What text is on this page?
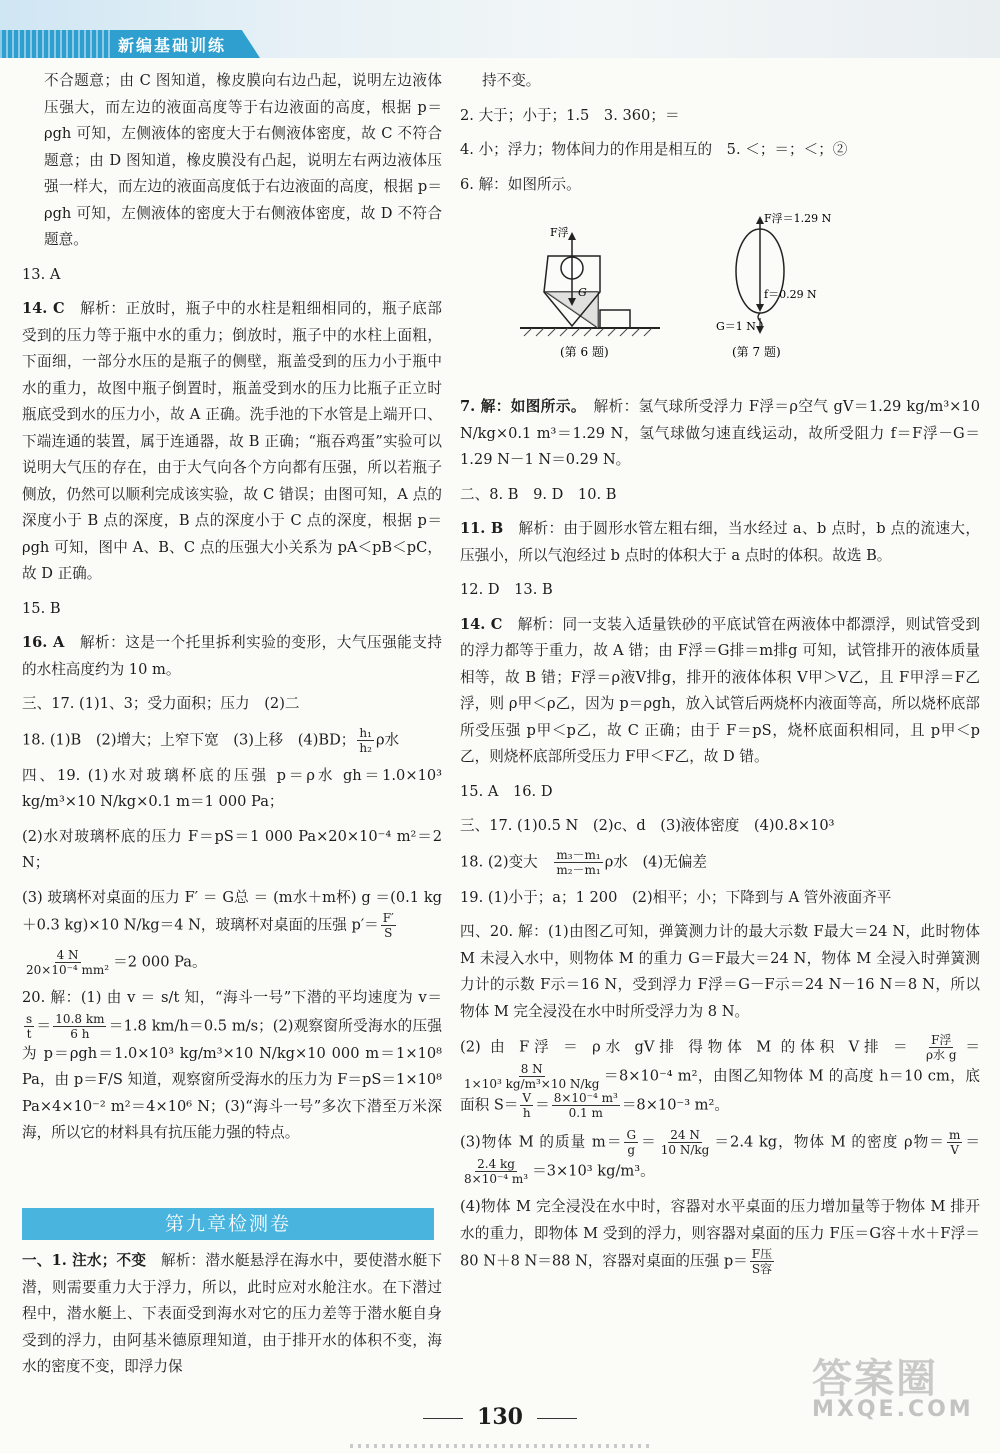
新编基础训练

不合题意；由 C 图知道，橡皮膜向右边凸起，说明左边液体压强大，而左边的液面高度等于右边液面的高度，根据 p＝ρgh 可知，左侧液体的密度大于右侧液体密度，故 C 不符合题意；由 D 图知道，橡皮膜没有凸起，说明左右两边液体压强一样大，而左边的液面高度低于右边液面的高度，根据 p＝ρgh 可知，左侧液体的密度大于右侧液体密度，故 D 不符合题意。

13. A

14. C　 解析：正放时，瓶子中的水柱是粗细相同的，瓶子底部受到的压力等于瓶中水的重力；倒放时，瓶子中的水柱上面粗，下面细，一部分水压的是瓶子的侧壁，瓶盖受到的压力小于瓶中水的重力，故图中瓶子倒置时，瓶盖受到水的压力比瓶子正立时瓶底受到水的压力小，故 A 正确。洗手池的下水管是上端开口、下端连通的装置，属于连通器，故 B 正确；“瓶吞鸡蛋”实验可以说明大气压的存在，由于大气向各个方向都有压强，所以若瓶子侧放，仍然可以顺利完成该实验，故 C 错误；由图可知，A 点的深度小于 B 点的深度，B 点的深度小于 C 点的深度，根据 p＝ρgh 可知，图中 A、B、C 点的压强大小关系为 pA＜pB＜pC，故 D 正确。

15. B

16. A　 解析：这是一个托里拆利实验的变形，大气压强能支持的水柱高度约为 10 m。

三、17. (1)1、3；受力面积；压力　(2)二

18. (1)B　(2)增大；上窄下宽　(3)上移　(4)BD； $\frac{\text{h₁}}{\text{h₂}}$ ρ水

四、19. (1)水对玻璃杯底的压强 p＝ρ水 gh＝1.0×10³ kg/m³×10 N/kg×0.1 m＝1 000 Pa；

(2)水对玻璃杯底的压力 F＝pS＝1 000 Pa×20×10⁻⁴ m²＝2 N；

(3) 玻璃杯对桌面的压力 F′ ＝ G总 ＝ (m水＋m杯) g ＝(0.1 kg＋0.3 kg)×10 N/kg＝4 N，玻璃杯对桌面的压强 $p'= \frac{F'}{S}$

$\frac{4 N}{\text{20×10⁻⁴ mm²}} =2$ 000 Pa。

20. 解：(1) 由 v ＝ s/t 知，“海斗一号”下潜的平均速度为 v＝
$\frac{s}{t} = \frac{10.8 km}{6 h} =1.8$ km/h＝0.5 m/s；(2)观察窗所受海水的压强为 p＝ρgh＝1.0×10³ kg/m³×10 N/kg×10 000 m＝1×10⁸ Pa，由 p＝F/S 知道，观察窗所受海水的压力为 F＝pS＝1×10⁸ Pa×4×10⁻² m²＝4×10⁶ N；(3)“海斗一号”多次下潜至万米深海，所以它的材料具有抗压能力强的特点。

第九章检测卷

一、1. 注水；不变　 解析：潜水艇悬浮在海水中，要使潜水艇下潜，则需要重力大于浮力，所以，此时应对水舱注水。在下潜过程中，潜水艇上、下表面受到海水对它的压力差等于潜水艇自身受到的浮力，由阿基米德原理知道，由于排开水的体积不变，海水的密度不变，即浮力保

持不变。

2. 大于；小于；1.5　3. 360；＝

4. 小；浮力；物体间力的作用是相互的　5. ＜；＝；＜；②

6. 解：如图所示。

F浮
G
(第 6 题)
F浮＝1.29 N
f＝0.29 N
G＝1 N
(第 7 题)

7. 解：如图所示。　 解析：氢气球所受浮力 F浮＝ρ空气 gV＝1.29 kg/m³×10 N/kg×0.1 m³＝1.29 N，氢气球做匀速直线运动，故所受阻力 f＝F浮－G＝1.29 N－1 N＝0.29 N。

二、8. B　9. D　10. B

11. B　 解析：由于圆形水管左粗右细，当水经过 a、b 点时，b 点的流速大，压强小，所以气泡经过 b 点时的体积大于 a 点时的体积。故选 B。

12. D　13. B

14. C　 解析：同一支装入适量铁砂的平底试管在两液体中都漂浮，则试管受到的浮力都等于重力，故 A 错；由 F浮＝G排＝m排g 可知，试管排开的液体质量相等，故 B 错；F浮＝ρ液V排g，排开的液体体积 V甲＞V乙，且 F甲浮＝F乙浮，则 ρ甲＜ρ乙，因为 p＝ρgh，放入试管后两烧杯内液面等高，所以烧杯底部所受压强 p甲＜p乙，故 C 正确；由于 F＝pS，烧杯底面积相同，且 p甲＜p乙，则烧杯底部所受压力 F甲＜F乙，故 D 错。

15. A　16. D

三、17. (1)0.5 N　(2)c、d　(3)液体密度　(4)0.8×10³

18. (2)变大　 $\frac{\text{m₃－m₁}}{\text{m₂－m₁}}$ ρ水　(4)无偏差

19. (1)小于；a；1 200　(2)相平；小；下降到与 A 管外液面齐平

四、20. 解：(1)由图乙可知，弹簧测力计的最大示数 F最大＝24 N，此时物体 M 未浸入水中，则物体 M 的重力 G＝F最大＝24 N，物体 M 全浸入时弹簧测力计的示数 F示＝16 N，受到浮力 F浮＝G－F示＝24 N－16 N＝8 N，所以物体 M 完全浸没在水中时所受浮力为 8 N。

(2) 由 F浮 ＝ ρ水 gV排 得物体 M 的体积 V排 ＝ $\frac{\text{F浮}}{\text{ρ水 g}}$ ＝
$\frac{8 N}{\text{1×10³ kg/m³×10 N/kg}} =8\times 10^{-4}$ m²，由图乙知物体 M 的高度 h＝10 cm，底面积 $S= \frac{V}{h} = \frac{\text{8×10⁻⁴ m³}}{0.1 m} =8\times 10^{-3}$ m²。

(3)物体 M 的质量 $m= \frac{G}{g} = \frac{24 N}{10 N/kg} =2.4$ kg，物体 M 的密度 ρ物＝ $\frac{m}{V}$ ＝
$\frac{2.4 kg}{\text{8×10⁻⁴ m³}} =3\times 10^3$ kg/m³。

(4)物体 M 完全浸没在水中时，容器对水平桌面的压力增加量等于物体 M 排开水的重力，即物体 M 受到的浮力，则容器对桌面的压力 F压＝G容＋水＋F浮＝80 N＋8 N＝88 N，容器对桌面的压强 $p= \frac{\text{F压}}{\text{S容}}$

130
答案圈
MXQE.COM
